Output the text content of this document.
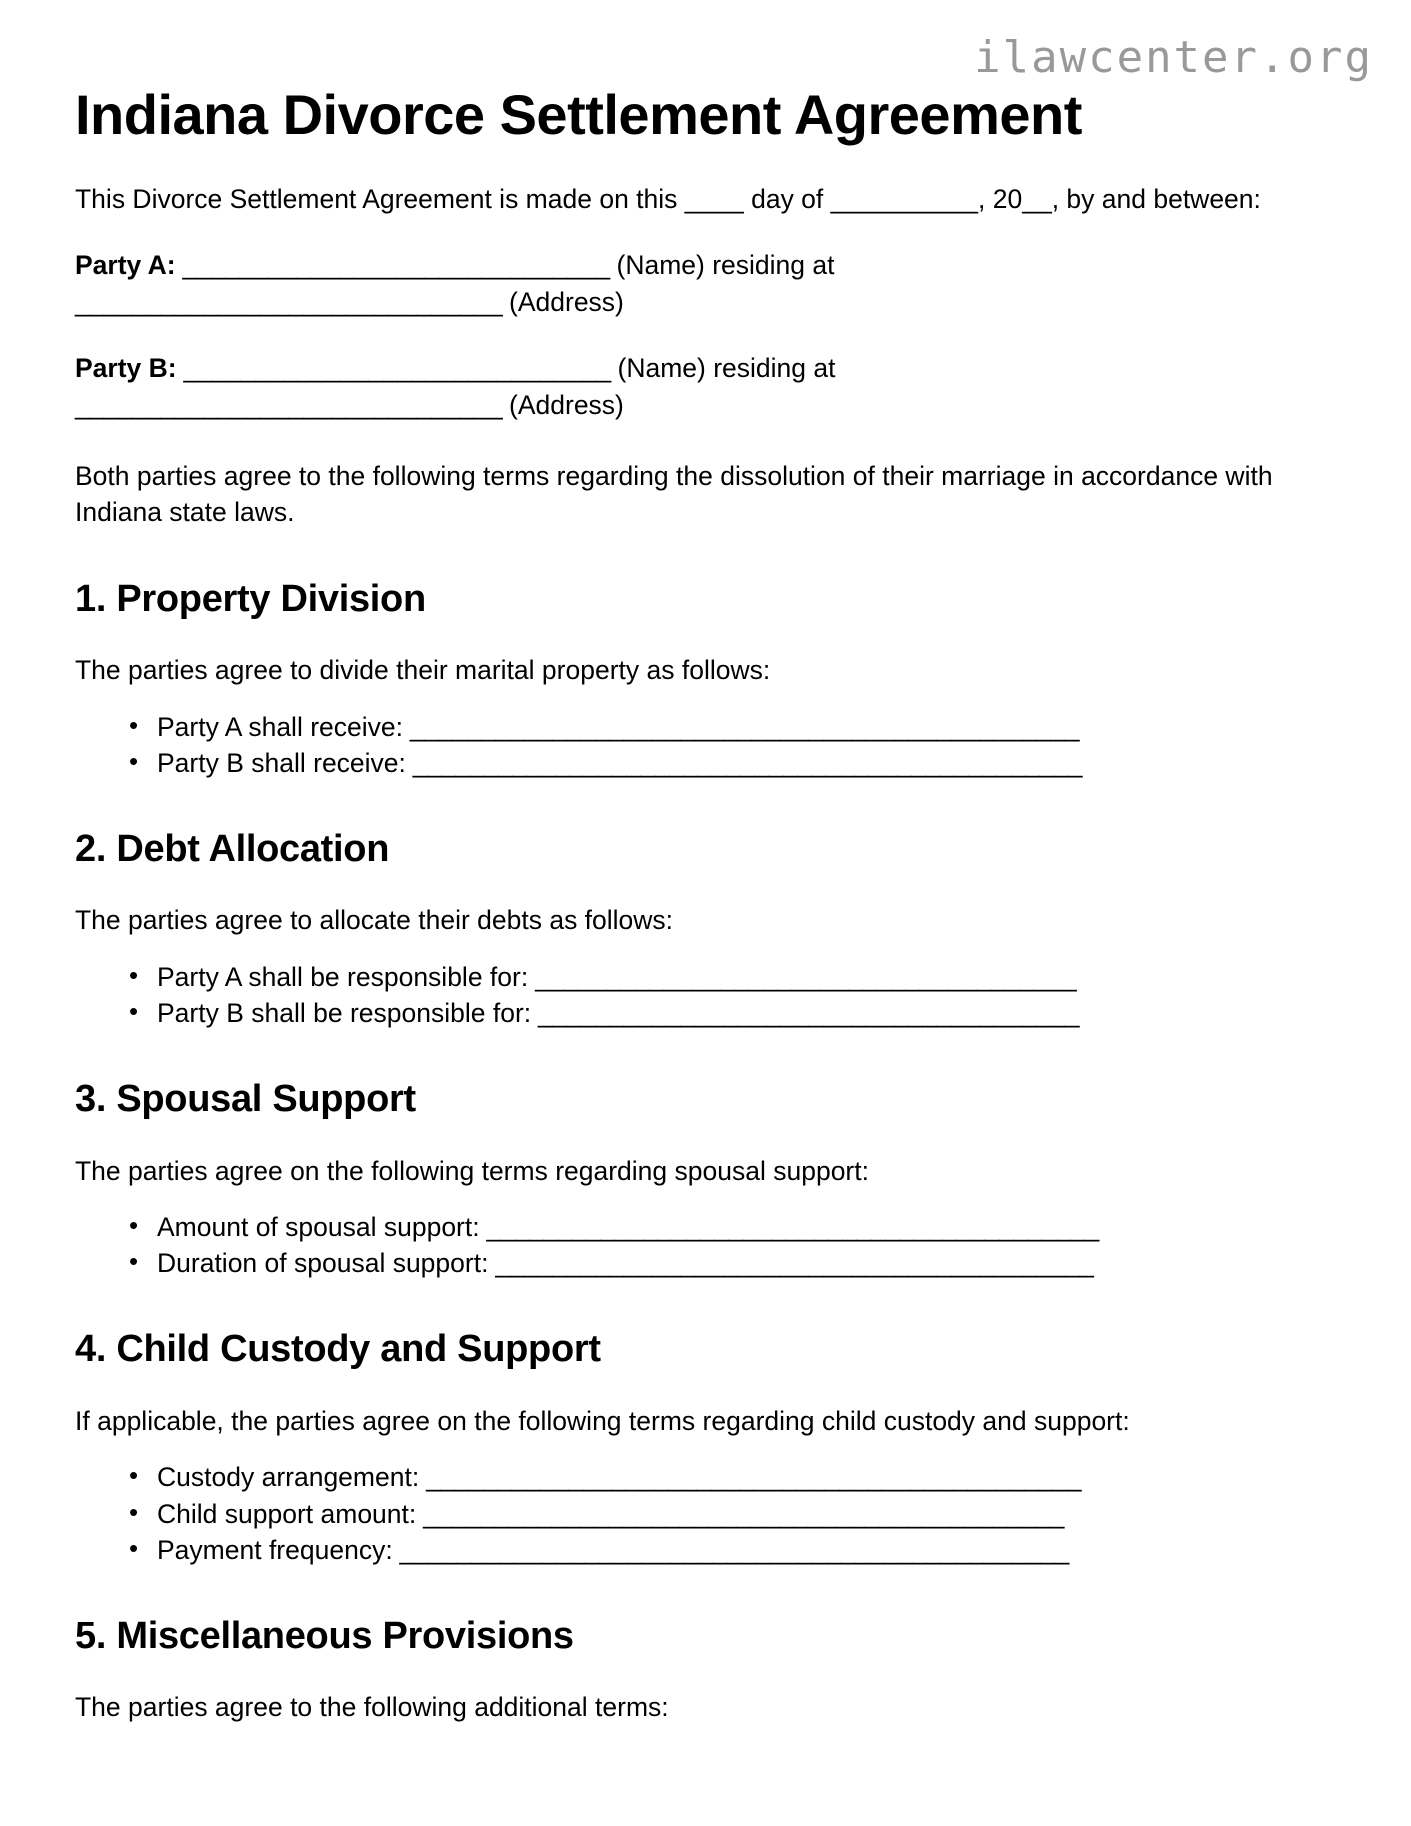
ilawcenter.org
Indiana Divorce Settlement Agreement

This Divorce Settlement Agreement is made on this ____ day of __________, 20__, by and between:

Party A: ______________________________ (Name) residing at
______________________________ (Address)
Party B: ______________________________ (Name) residing at
______________________________ (Address)

Both parties agree to the following terms regarding the dissolution of their marriage in accordance with Indiana state laws.

1. Property Division

The parties agree to divide their marital property as follows:

• Party A shall receive: _______________________________________________
• Party B shall receive: _______________________________________________
2. Debt Allocation

The parties agree to allocate their debts as follows:

• Party A shall be responsible for: ______________________________________
• Party B shall be responsible for: ______________________________________
3. Spousal Support

The parties agree on the following terms regarding spousal support:

• Amount of spousal support: ___________________________________________
• Duration of spousal support: __________________________________________
4. Child Custody and Support

If applicable, the parties agree on the following terms regarding child custody and support:

• Custody arrangement: ______________________________________________
• Child support amount: _____________________________________________
• Payment frequency: _______________________________________________
5. Miscellaneous Provisions

The parties agree to the following additional terms:
